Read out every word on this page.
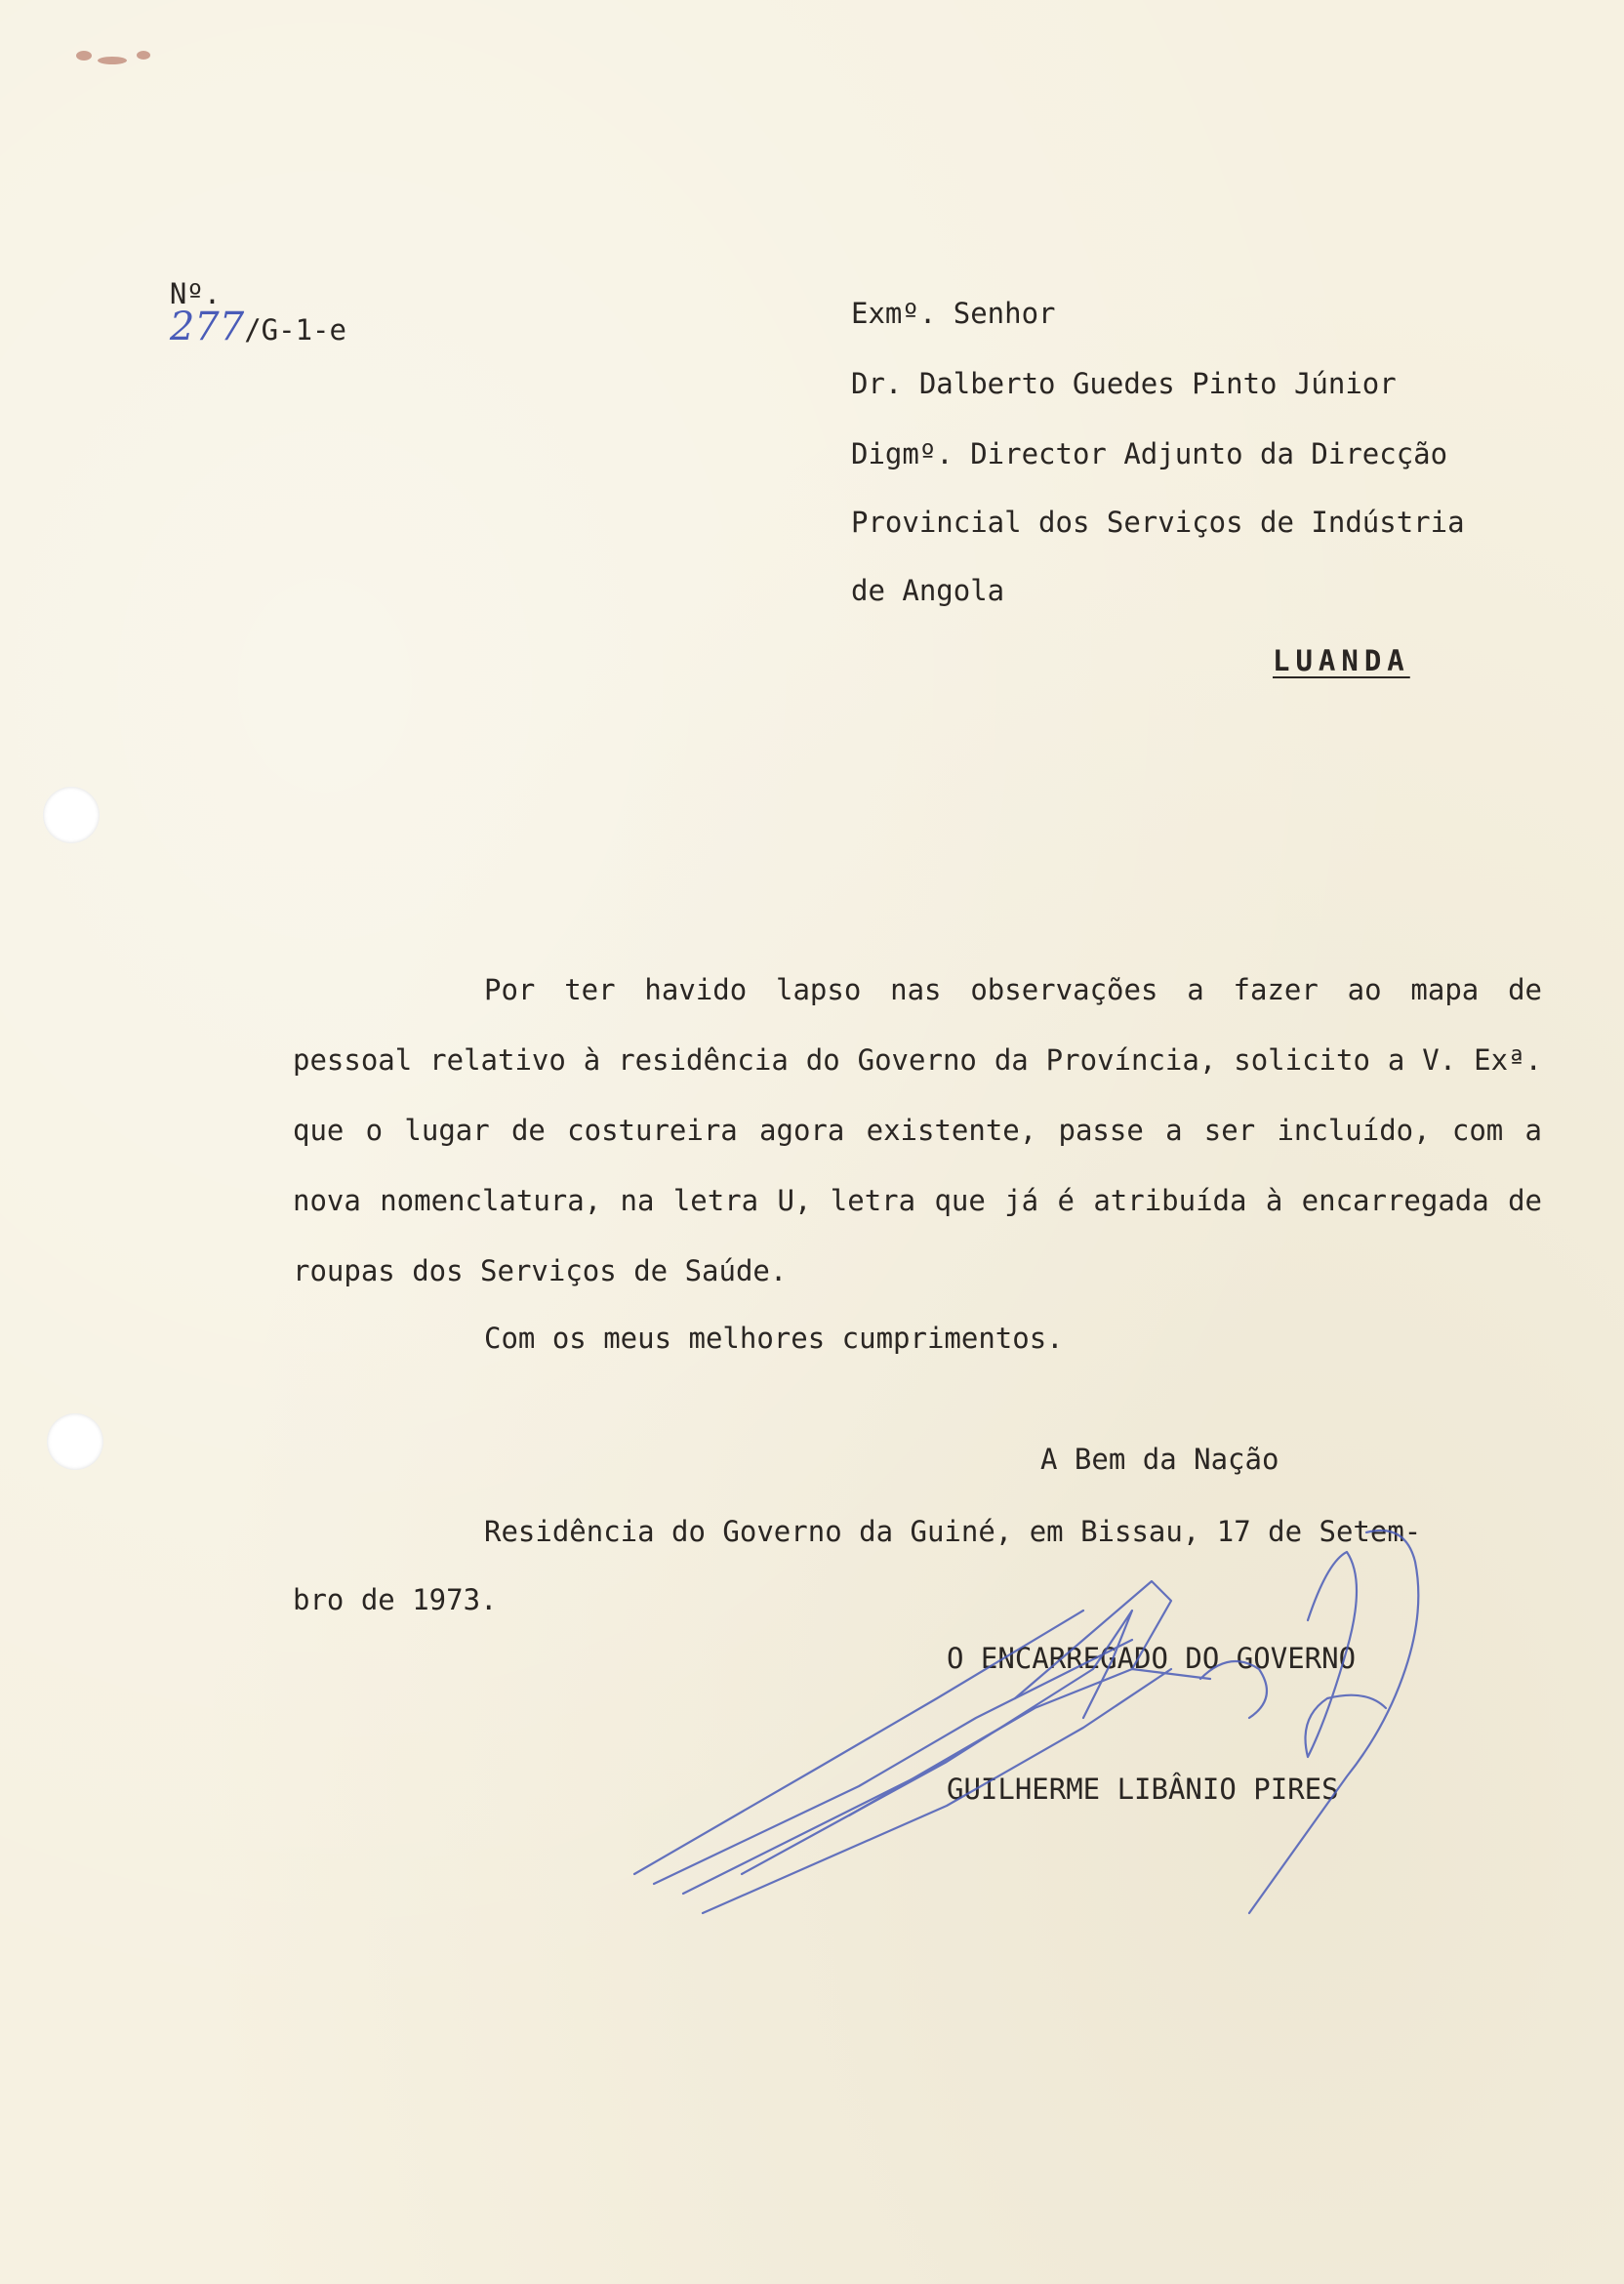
Nº.
277/G-1-e
	Exmº. Senhor
Dr. Dalberto Guedes Pinto Júnior
Digmº. Director Adjunto da Direcção
Provincial dos Serviços de Indústria
de Angola
LUANDA
Por ter havido lapso nas observações a fazer ao mapa de pessoal relativo à residência do Governo da Província, solicito a V. Exª. que o lugar de costureira agora existente, passe a ser incluído, com a nova nomenclatura, na letra U, letra que já é atribuída à encarregada de roupas dos Serviços de Saúde.
Com os meus melhores cumprimentos.
A Bem da Nação
Residência do Governo da Guiné, em Bissau, 17 de Setem-
bro de 1973.
O ENCARREGADO DO GOVERNO
GUILHERME LIBÂNIO PIRES
